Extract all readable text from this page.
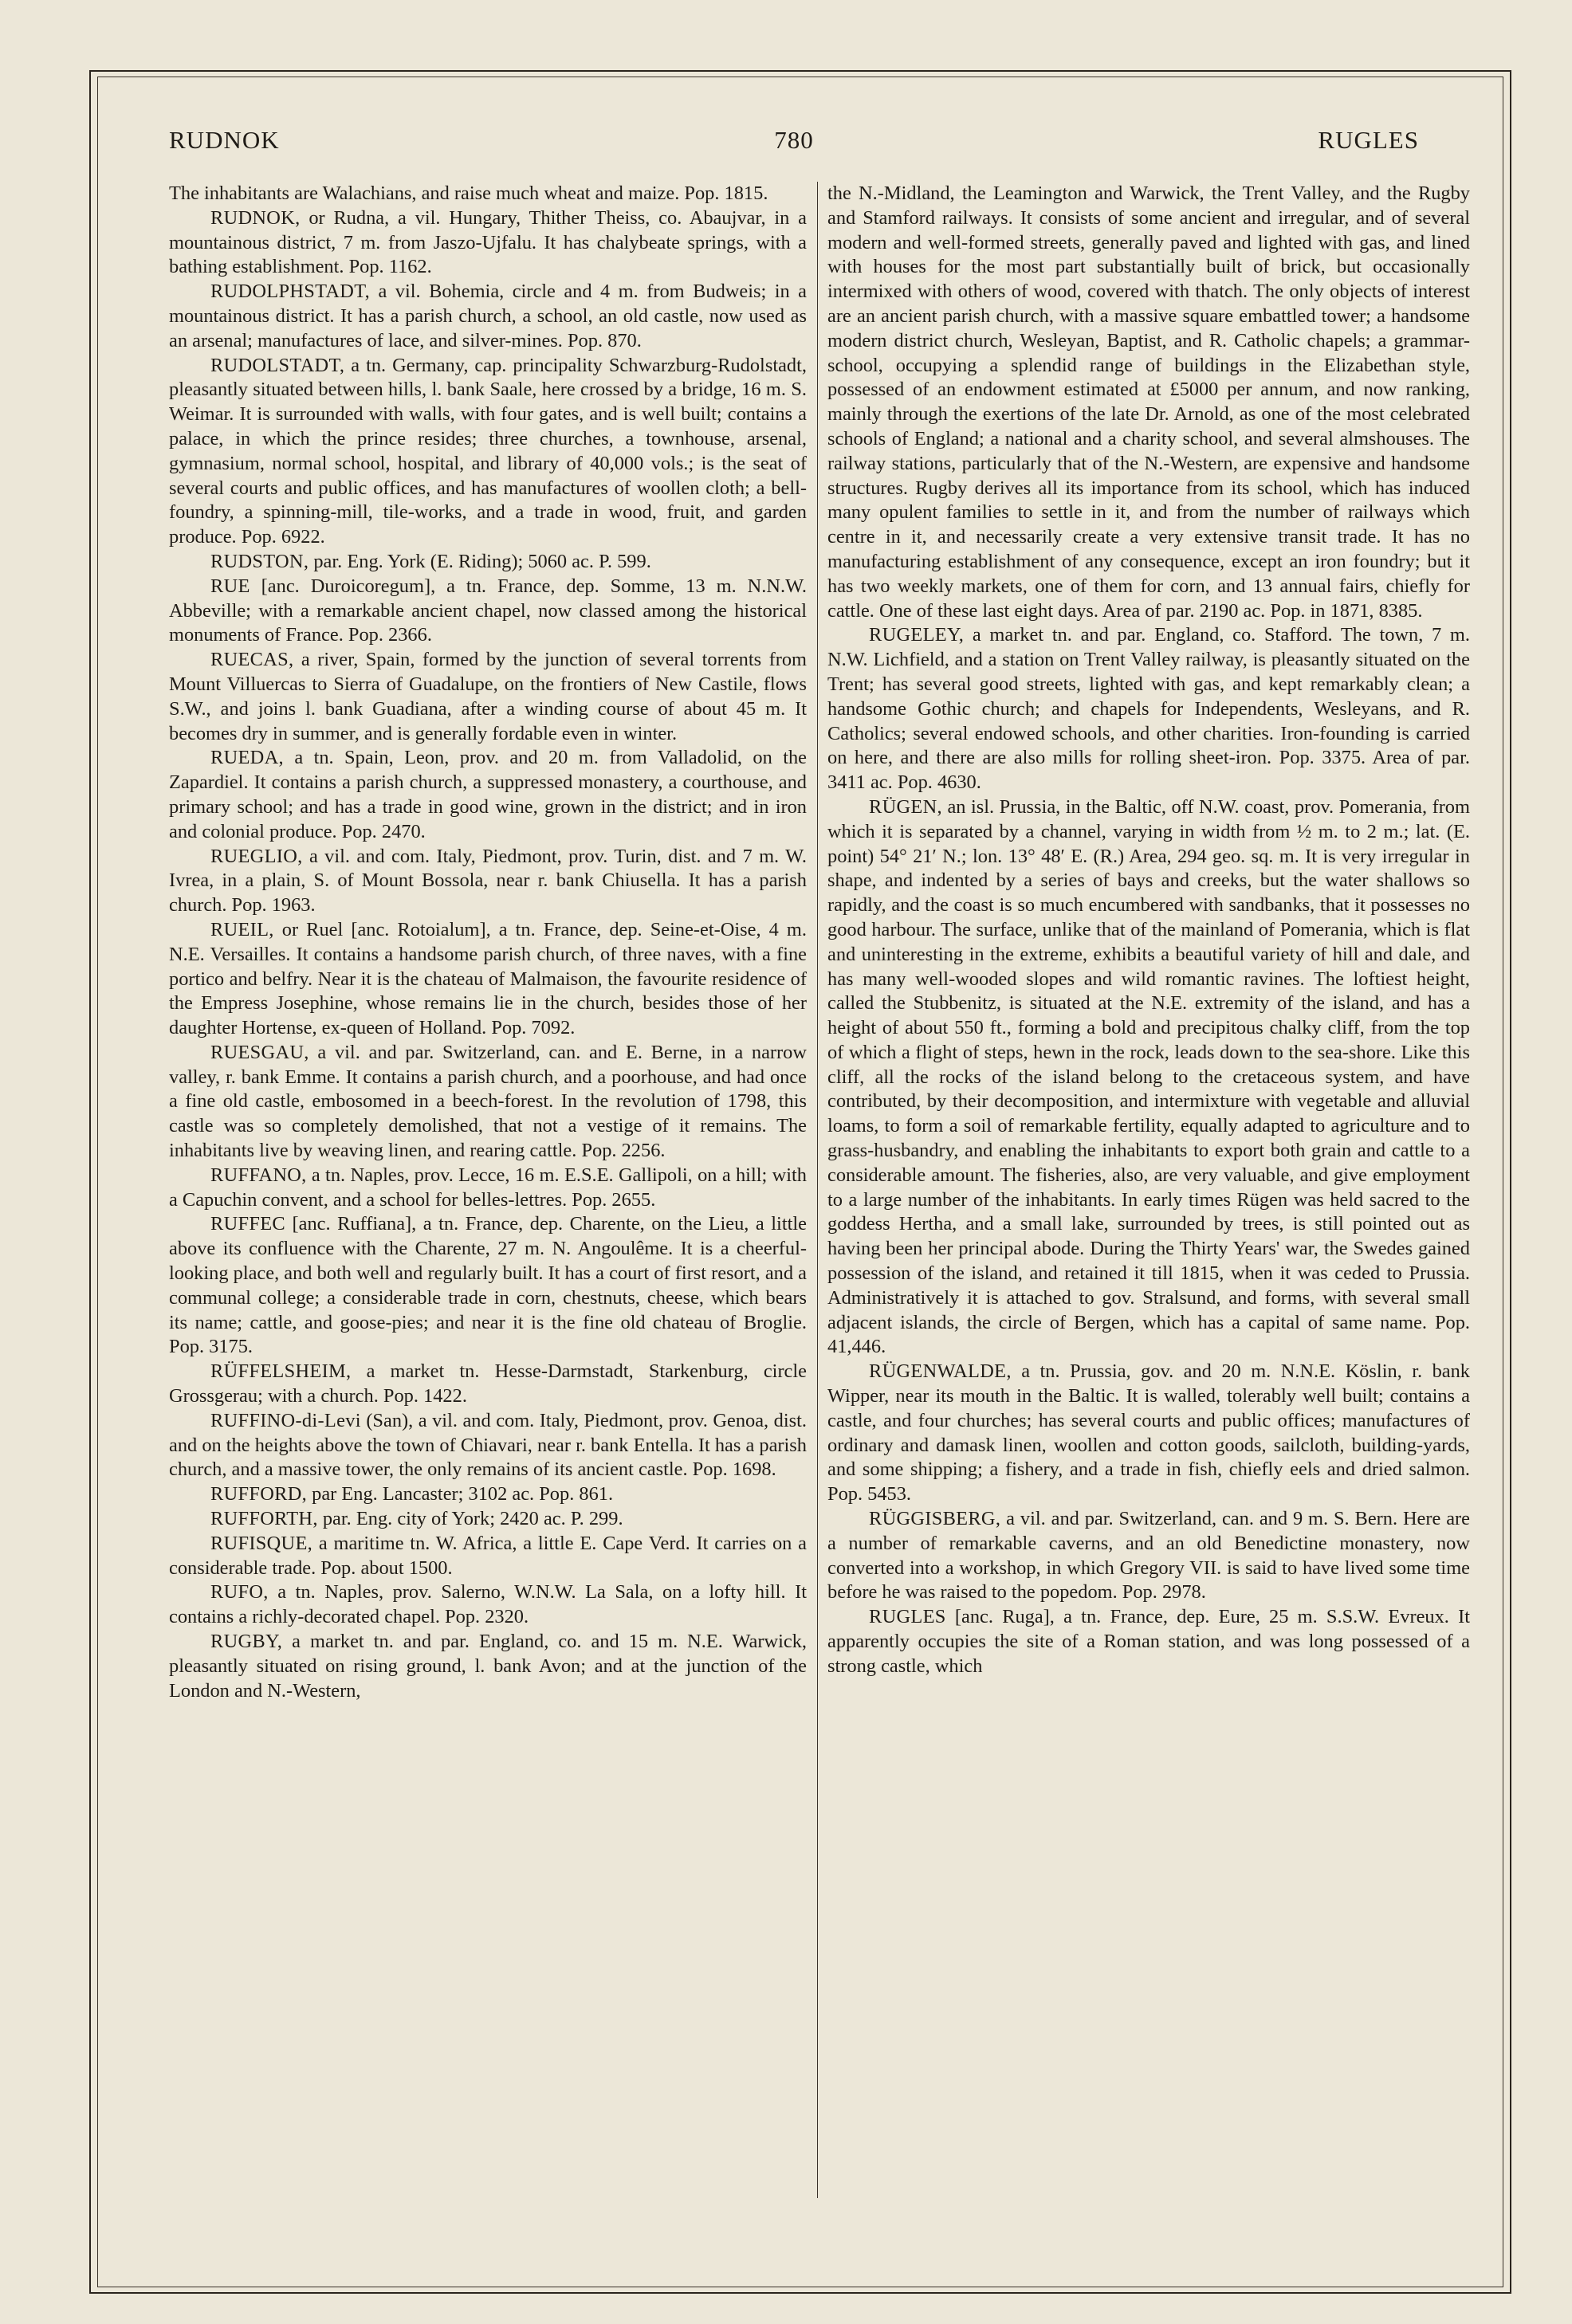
RUDNOK	780	RUGLES

The inhabitants are Walachians, and raise much wheat and maize. Pop. 1815.

RUDNOK, or Rudna, a vil. Hungary, Thither Theiss, co. Abaujvar, in a mountainous district, 7 m. from Jaszo-Ujfalu. It has chalybeate springs, with a bathing establishment. Pop. 1162.

RUDOLPHSTADT, a vil. Bohemia, circle and 4 m. from Budweis; in a mountainous district. It has a parish church, a school, an old castle, now used as an arsenal; manufactures of lace, and silver-mines. Pop. 870.

RUDOLSTADT, a tn. Germany, cap. principality Schwarzburg-Rudolstadt, pleasantly situated between hills, l. bank Saale, here crossed by a bridge, 16 m. S. Weimar. It is surrounded with walls, with four gates, and is well built; contains a palace, in which the prince resides; three churches, a townhouse, arsenal, gymnasium, normal school, hospital, and library of 40,000 vols.; is the seat of several courts and public offices, and has manufactures of woollen cloth; a bell-foundry, a spinning-mill, tile-works, and a trade in wood, fruit, and garden produce. Pop. 6922.

RUDSTON, par. Eng. York (E. Riding); 5060 ac. P. 599.

RUE [anc. Duroicoregum], a tn. France, dep. Somme, 13 m. N.N.W. Abbeville; with a remarkable ancient chapel, now classed among the historical monuments of France. Pop. 2366.

RUECAS, a river, Spain, formed by the junction of several torrents from Mount Villuercas to Sierra of Guadalupe, on the frontiers of New Castile, flows S.W., and joins l. bank Guadiana, after a winding course of about 45 m. It becomes dry in summer, and is generally fordable even in winter.

RUEDA, a tn. Spain, Leon, prov. and 20 m. from Valladolid, on the Zapardiel. It contains a parish church, a suppressed monastery, a courthouse, and primary school; and has a trade in good wine, grown in the district; and in iron and colonial produce. Pop. 2470.

RUEGLIO, a vil. and com. Italy, Piedmont, prov. Turin, dist. and 7 m. W. Ivrea, in a plain, S. of Mount Bossola, near r. bank Chiusella. It has a parish church. Pop. 1963.

RUEIL, or Ruel [anc. Rotoialum], a tn. France, dep. Seine-et-Oise, 4 m. N.E. Versailles. It contains a handsome parish church, of three naves, with a fine portico and belfry. Near it is the chateau of Malmaison, the favourite residence of the Empress Josephine, whose remains lie in the church, besides those of her daughter Hortense, ex-queen of Holland. Pop. 7092.

RUESGAU, a vil. and par. Switzerland, can. and E. Berne, in a narrow valley, r. bank Emme. It contains a parish church, and a poorhouse, and had once a fine old castle, embosomed in a beech-forest. In the revolution of 1798, this castle was so completely demolished, that not a vestige of it remains. The inhabitants live by weaving linen, and rearing cattle. Pop. 2256.

RUFFANO, a tn. Naples, prov. Lecce, 16 m. E.S.E. Gallipoli, on a hill; with a Capuchin convent, and a school for belles-lettres. Pop. 2655.

RUFFEC [anc. Ruffiana], a tn. France, dep. Charente, on the Lieu, a little above its confluence with the Charente, 27 m. N. Angoulême. It is a cheerful-looking place, and both well and regularly built. It has a court of first resort, and a communal college; a considerable trade in corn, chestnuts, cheese, which bears its name; cattle, and goose-pies; and near it is the fine old chateau of Broglie. Pop. 3175.

RÜFFELSHEIM, a market tn. Hesse-Darmstadt, Starkenburg, circle Grossgerau; with a church. Pop. 1422.

RUFFINO-di-Levi (San), a vil. and com. Italy, Piedmont, prov. Genoa, dist. and on the heights above the town of Chiavari, near r. bank Entella. It has a parish church, and a massive tower, the only remains of its ancient castle. Pop. 1698.

RUFFORD, par Eng. Lancaster; 3102 ac. Pop. 861.

RUFFORTH, par. Eng. city of York; 2420 ac. P. 299.

RUFISQUE, a maritime tn. W. Africa, a little E. Cape Verd. It carries on a considerable trade. Pop. about 1500.

RUFO, a tn. Naples, prov. Salerno, W.N.W. La Sala, on a lofty hill. It contains a richly-decorated chapel. Pop. 2320.

RUGBY, a market tn. and par. England, co. and 15 m. N.E. Warwick, pleasantly situated on rising ground, l. bank Avon; and at the junction of the London and N.-Western,

the N.-Midland, the Leamington and Warwick, the Trent Valley, and the Rugby and Stamford railways. It consists of some ancient and irregular, and of several modern and well-formed streets, generally paved and lighted with gas, and lined with houses for the most part substantially built of brick, but occasionally intermixed with others of wood, covered with thatch. The only objects of interest are an ancient parish church, with a massive square embattled tower; a handsome modern district church, Wesleyan, Baptist, and R. Catholic chapels; a grammar-school, occupying a splendid range of buildings in the Elizabethan style, possessed of an endowment estimated at £5000 per annum, and now ranking, mainly through the exertions of the late Dr. Arnold, as one of the most celebrated schools of England; a national and a charity school, and several almshouses. The railway stations, particularly that of the N.-Western, are expensive and handsome structures. Rugby derives all its importance from its school, which has induced many opulent families to settle in it, and from the number of railways which centre in it, and necessarily create a very extensive transit trade. It has no manufacturing establishment of any consequence, except an iron foundry; but it has two weekly markets, one of them for corn, and 13 annual fairs, chiefly for cattle. One of these last eight days. Area of par. 2190 ac. Pop. in 1871, 8385.

RUGELEY, a market tn. and par. England, co. Stafford. The town, 7 m. N.W. Lichfield, and a station on Trent Valley railway, is pleasantly situated on the Trent; has several good streets, lighted with gas, and kept remarkably clean; a handsome Gothic church; and chapels for Independents, Wesleyans, and R. Catholics; several endowed schools, and other charities. Iron-founding is carried on here, and there are also mills for rolling sheet-iron. Pop. 3375. Area of par. 3411 ac. Pop. 4630.

RÜGEN, an isl. Prussia, in the Baltic, off N.W. coast, prov. Pomerania, from which it is separated by a channel, varying in width from ½ m. to 2 m.; lat. (E. point) 54° 21′ N.; lon. 13° 48′ E. (R.) Area, 294 geo. sq. m. It is very irregular in shape, and indented by a series of bays and creeks, but the water shallows so rapidly, and the coast is so much encumbered with sandbanks, that it possesses no good harbour. The surface, unlike that of the mainland of Pomerania, which is flat and uninteresting in the extreme, exhibits a beautiful variety of hill and dale, and has many well-wooded slopes and wild romantic ravines. The loftiest height, called the Stubbenitz, is situated at the N.E. extremity of the island, and has a height of about 550 ft., forming a bold and precipitous chalky cliff, from the top of which a flight of steps, hewn in the rock, leads down to the sea-shore. Like this cliff, all the rocks of the island belong to the cretaceous system, and have contributed, by their decomposition, and intermixture with vegetable and alluvial loams, to form a soil of remarkable fertility, equally adapted to agriculture and to grass-husbandry, and enabling the inhabitants to export both grain and cattle to a considerable amount. The fisheries, also, are very valuable, and give employment to a large number of the inhabitants. In early times Rügen was held sacred to the goddess Hertha, and a small lake, surrounded by trees, is still pointed out as having been her principal abode. During the Thirty Years' war, the Swedes gained possession of the island, and retained it till 1815, when it was ceded to Prussia. Administratively it is attached to gov. Stralsund, and forms, with several small adjacent islands, the circle of Bergen, which has a capital of same name. Pop. 41,446.

RÜGENWALDE, a tn. Prussia, gov. and 20 m. N.N.E. Köslin, r. bank Wipper, near its mouth in the Baltic. It is walled, tolerably well built; contains a castle, and four churches; has several courts and public offices; manufactures of ordinary and damask linen, woollen and cotton goods, sailcloth, building-yards, and some shipping; a fishery, and a trade in fish, chiefly eels and dried salmon. Pop. 5453.

RÜGGISBERG, a vil. and par. Switzerland, can. and 9 m. S. Bern. Here are a number of remarkable caverns, and an old Benedictine monastery, now converted into a workshop, in which Gregory VII. is said to have lived some time before he was raised to the popedom. Pop. 2978.

RUGLES [anc. Ruga], a tn. France, dep. Eure, 25 m. S.S.W. Evreux. It apparently occupies the site of a Roman station, and was long possessed of a strong castle, which
